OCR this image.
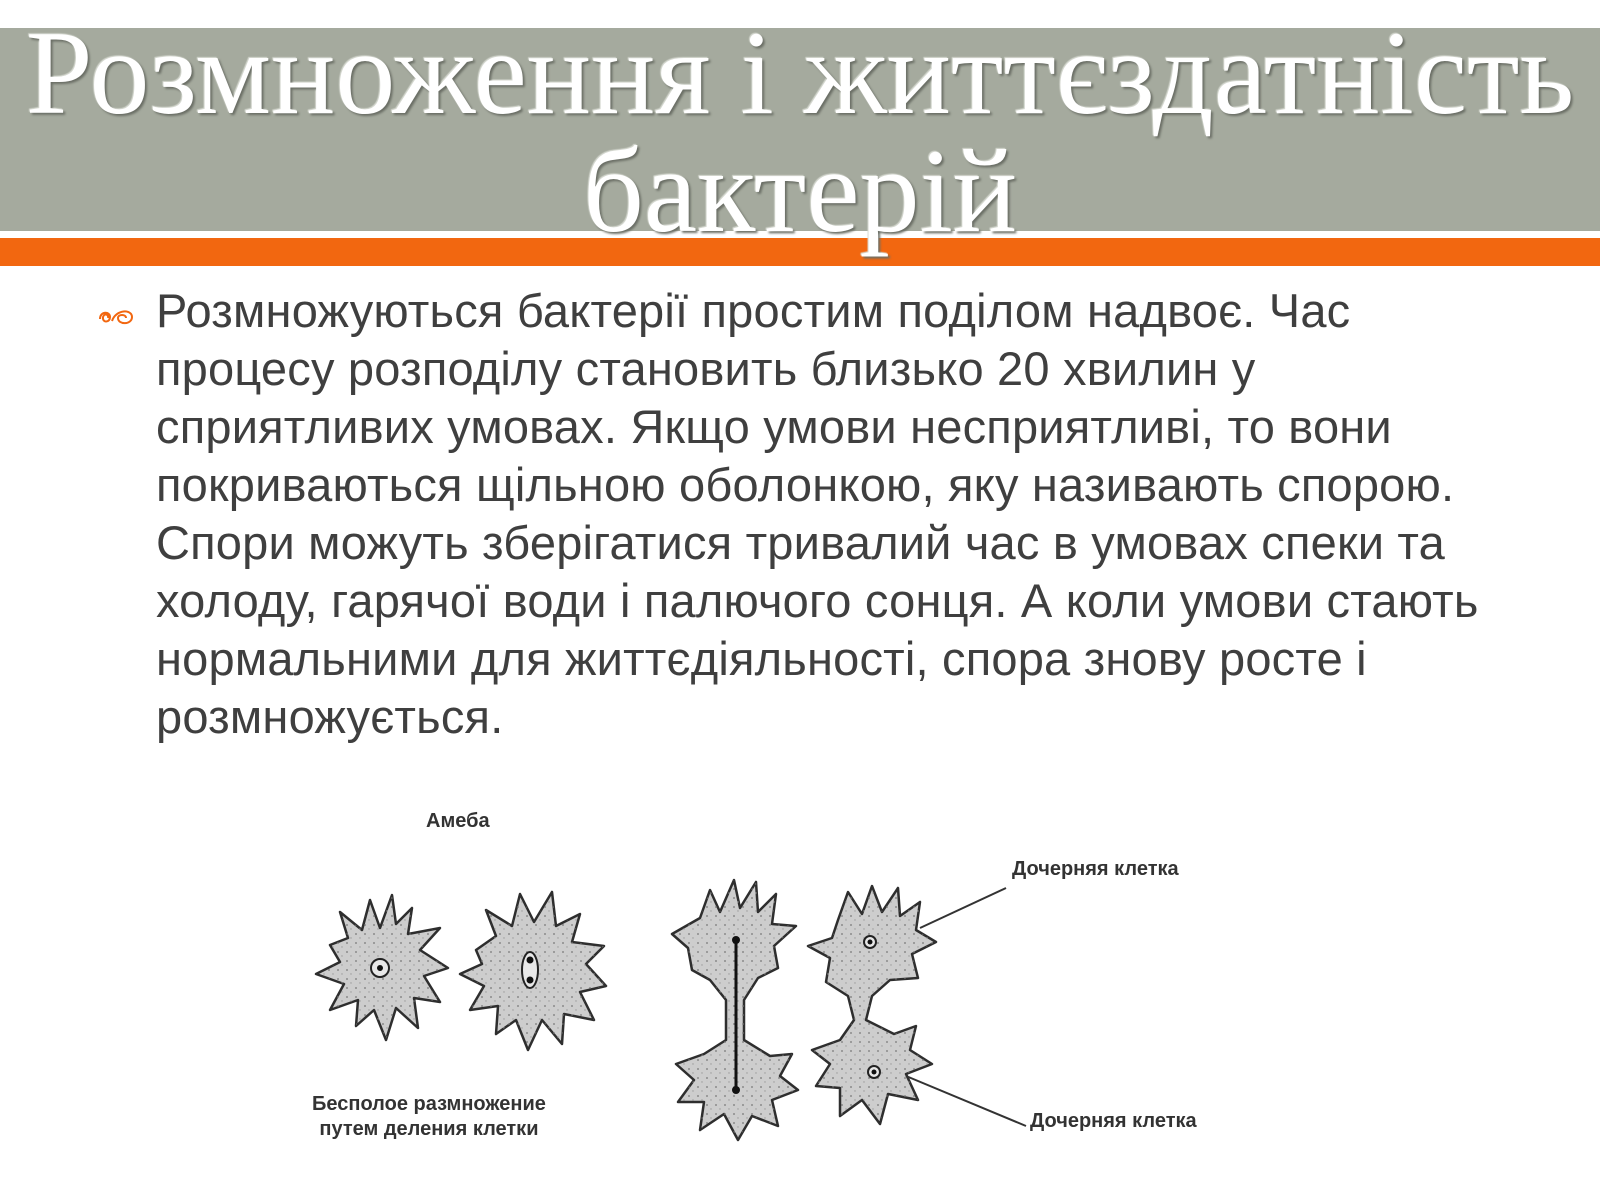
Розмноження і життєздатність
бактерій

Розмножуються бактерії простим поділом надвоє. Час процесу розподілу становить близько 20 хвилин у сприятливих умовах. Якщо умови несприятливі, то вони покриваються щільною оболонкою, яку називають спорою. Спори можуть зберігатися тривалий час в умовах спеки та холоду, гарячої води і палючого сонця. А коли умови стають нормальними для життєдіяльності, спора знову росте і розмножується.

Амеба
Дочерняя клетка
Дочерняя клетка
Бесполое размножение
путем деления клетки
